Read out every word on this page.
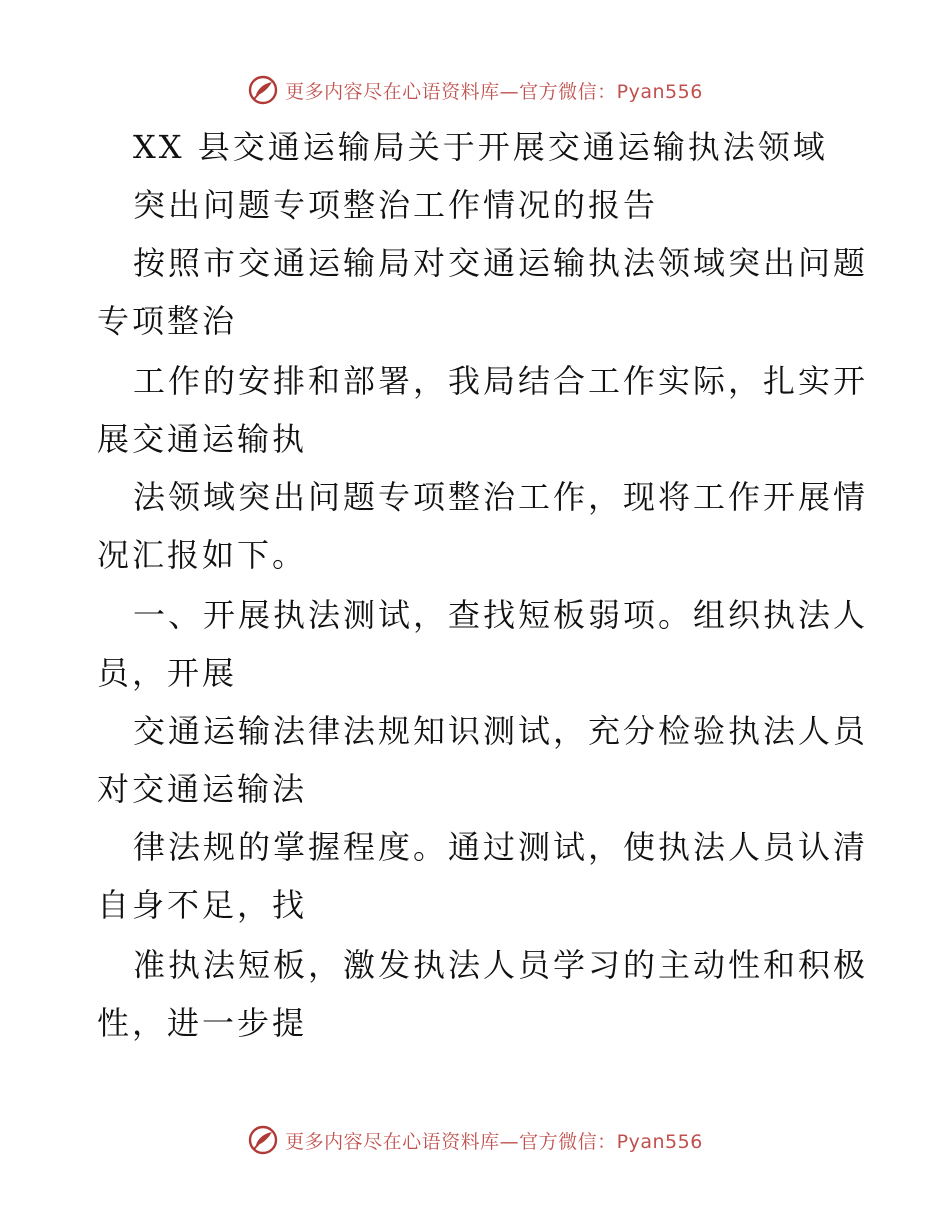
更多内容尽在心语资料库—官方微信：Pyan556
XX 县交通运输局关于开展交通运输执法领域
突出问题专项整治工作情况的报告
按照市交通运输局对交通运输执法领域突出问题
专项整治
工作的安排和部署，我局结合工作实际，扎实开
展交通运输执
法领域突出问题专项整治工作，现将工作开展情
况汇报如下。
一、开展执法测试，查找短板弱项。组织执法人
员，开展
交通运输法律法规知识测试，充分检验执法人员
对交通运输法
律法规的掌握程度。通过测试，使执法人员认清
自身不足，找
准执法短板，激发执法人员学习的主动性和积极
性，进一步提
更多内容尽在心语资料库—官方微信：Pyan556
